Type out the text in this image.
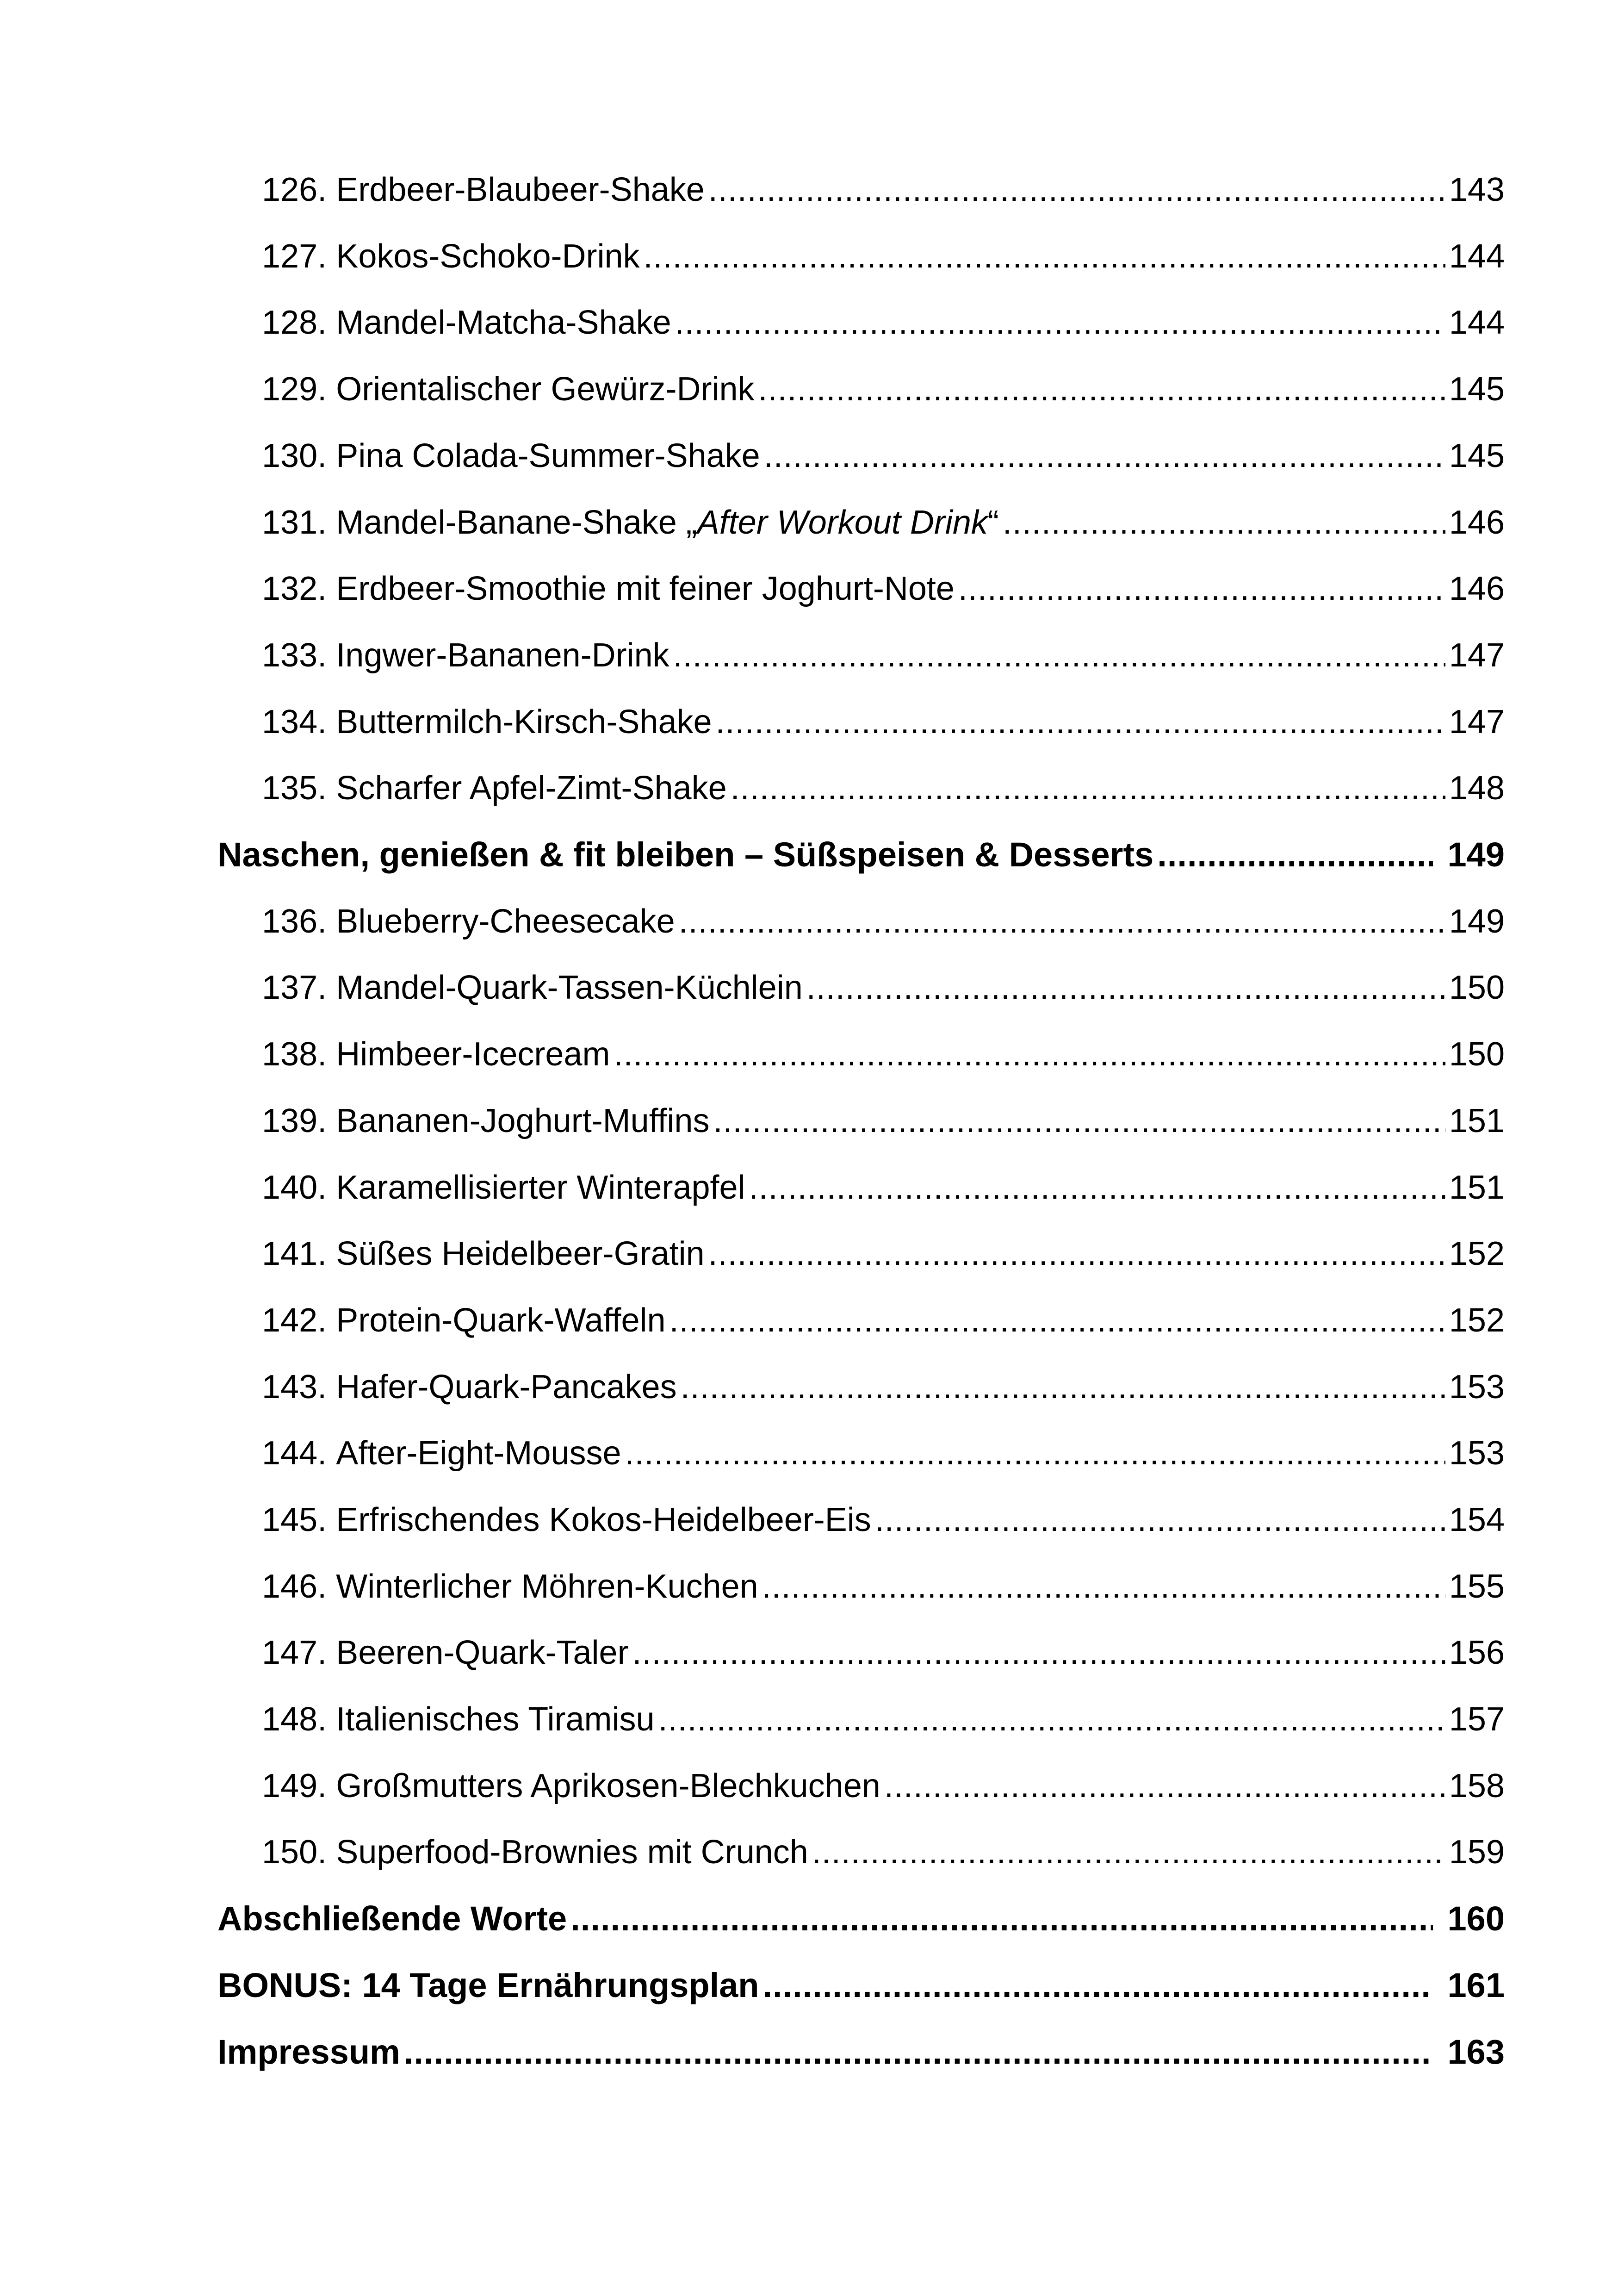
126. Erdbeer-Blaubeer-Shake .....	143
127. Kokos-Schoko-Drink .....	144
128. Mandel-Matcha-Shake .....	144
129. Orientalischer Gewürz-Drink .....	145
130. Pina Colada-Summer-Shake .....	145
131. Mandel-Banane-Shake „After Workout Drink“ .....	146
132. Erdbeer-Smoothie mit feiner Joghurt-Note .....	146
133. Ingwer-Bananen-Drink .....	147
134. Buttermilch-Kirsch-Shake .....	147
135. Scharfer Apfel-Zimt-Shake .....	148
Naschen, genießen & fit bleiben – Süßspeisen & Desserts .....	149
136. Blueberry-Cheesecake .....	149
137. Mandel-Quark-Tassen-Küchlein .....	150
138. Himbeer-Icecream .....	150
139. Bananen-Joghurt-Muffins .....	151
140. Karamellisierter Winterapfel .....	151
141. Süßes Heidelbeer-Gratin .....	152
142. Protein-Quark-Waffeln .....	152
143. Hafer-Quark-Pancakes .....	153
144. After-Eight-Mousse .....	153
145. Erfrischendes Kokos-Heidelbeer-Eis .....	154
146. Winterlicher Möhren-Kuchen .....	155
147. Beeren-Quark-Taler .....	156
148. Italienisches Tiramisu .....	157
149. Großmutters Aprikosen-Blechkuchen .....	158
150. Superfood-Brownies mit Crunch .....	159
Abschließende Worte .....	160
BONUS: 14 Tage Ernährungsplan .....	161
Impressum .....	163
